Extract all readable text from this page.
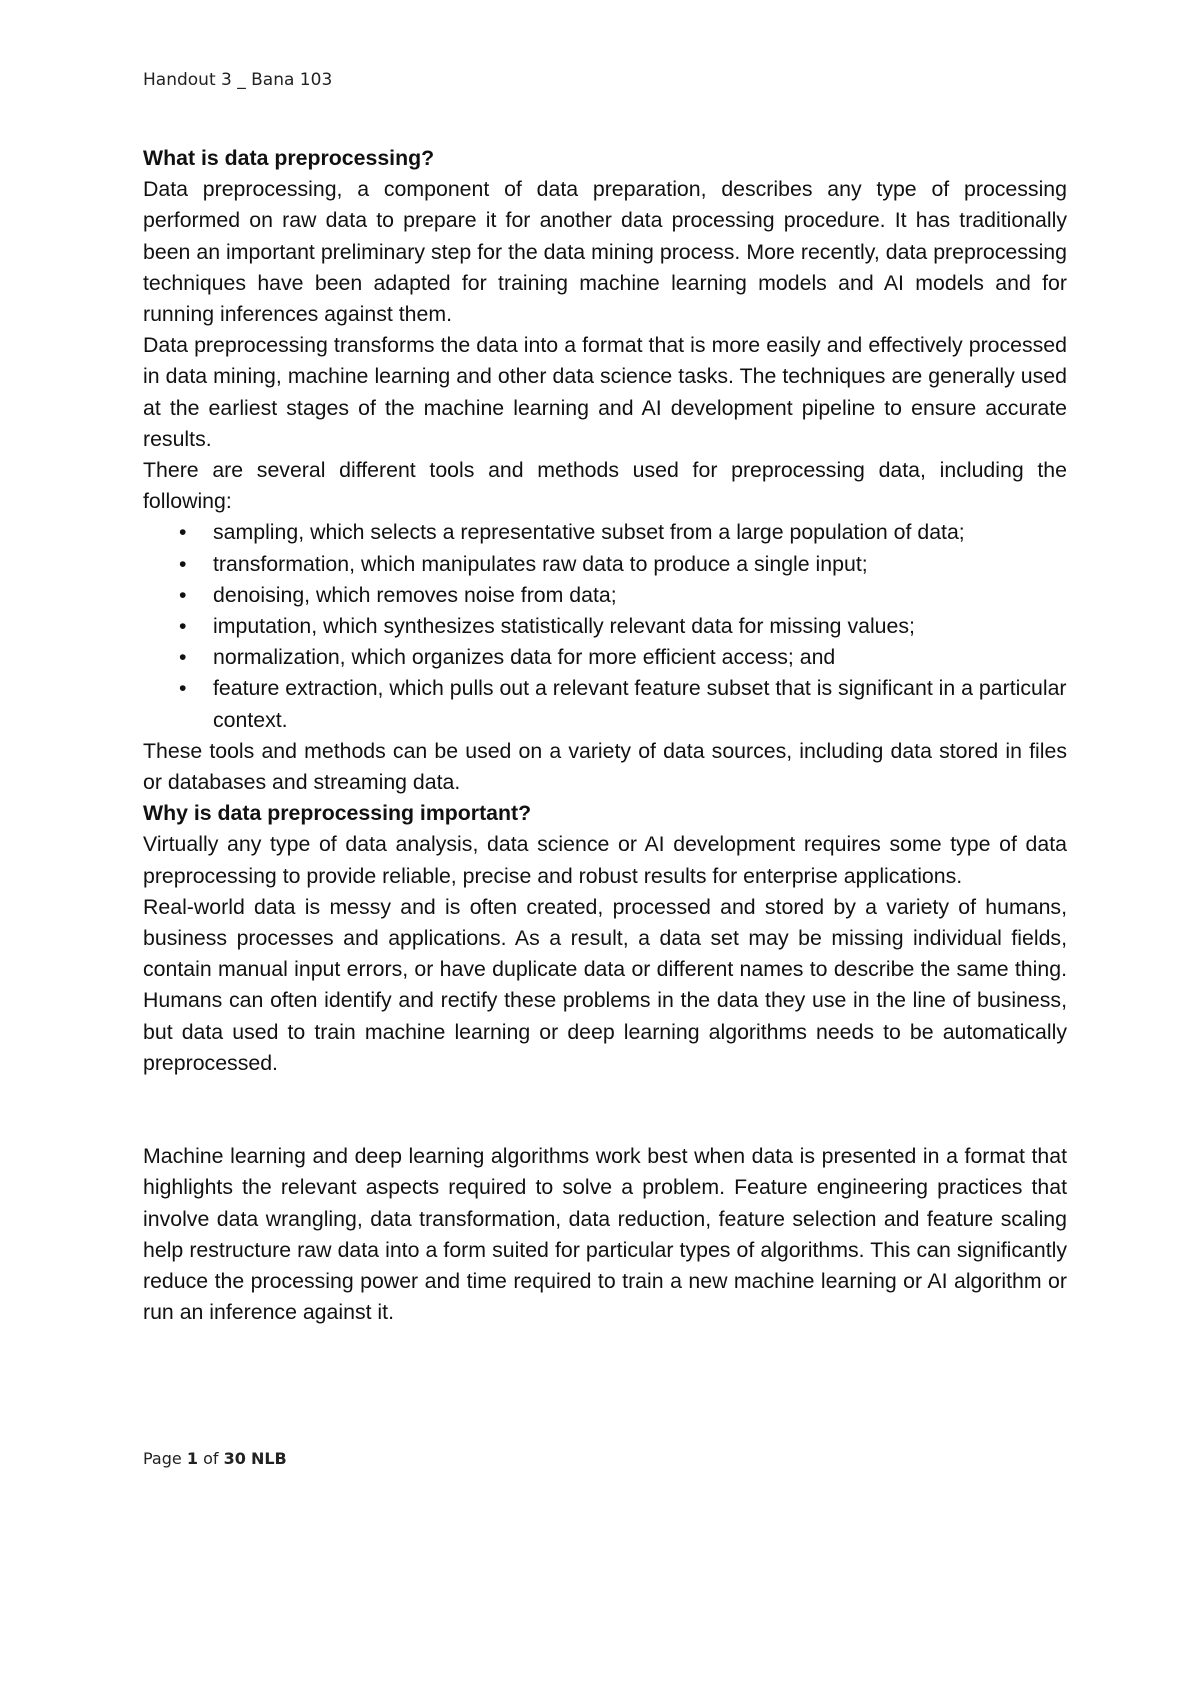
Handout 3 _ Bana 103
What is data preprocessing?

Data preprocessing, a component of data preparation, describes any type of processing performed on raw data to prepare it for another data processing procedure. It has traditionally been an important preliminary step for the data mining process. More recently, data preprocessing techniques have been adapted for training machine learning models and AI models and for running inferences against them.

Data preprocessing transforms the data into a format that is more easily and effectively processed in data mining, machine learning and other data science tasks. The techniques are generally used at the earliest stages of the machine learning and AI development pipeline to ensure accurate results.

There are several different tools and methods used for preprocessing data, including the following:

• sampling, which selects a representative subset from a large population of data;
• transformation, which manipulates raw data to produce a single input;
• denoising, which removes noise from data;
• imputation, which synthesizes statistically relevant data for missing values;
• normalization, which organizes data for more efficient access; and
• feature extraction, which pulls out a relevant feature subset that is significant in a particular context.

These tools and methods can be used on a variety of data sources, including data stored in files or databases and streaming data.

Why is data preprocessing important?

Virtually any type of data analysis, data science or AI development requires some type of data preprocessing to provide reliable, precise and robust results for enterprise applications.

Real-world data is messy and is often created, processed and stored by a variety of humans, business processes and applications. As a result, a data set may be missing individual fields, contain manual input errors, or have duplicate data or different names to describe the same thing. Humans can often identify and rectify these problems in the data they use in the line of business, but data used to train machine learning or deep learning algorithms needs to be automatically preprocessed.

Machine learning and deep learning algorithms work best when data is presented in a format that highlights the relevant aspects required to solve a problem. Feature engineering practices that involve data wrangling, data transformation, data reduction, feature selection and feature scaling help restructure raw data into a form suited for particular types of algorithms. This can significantly reduce the processing power and time required to train a new machine learning or AI algorithm or run an inference against it.

Page 1 of 30 NLB
